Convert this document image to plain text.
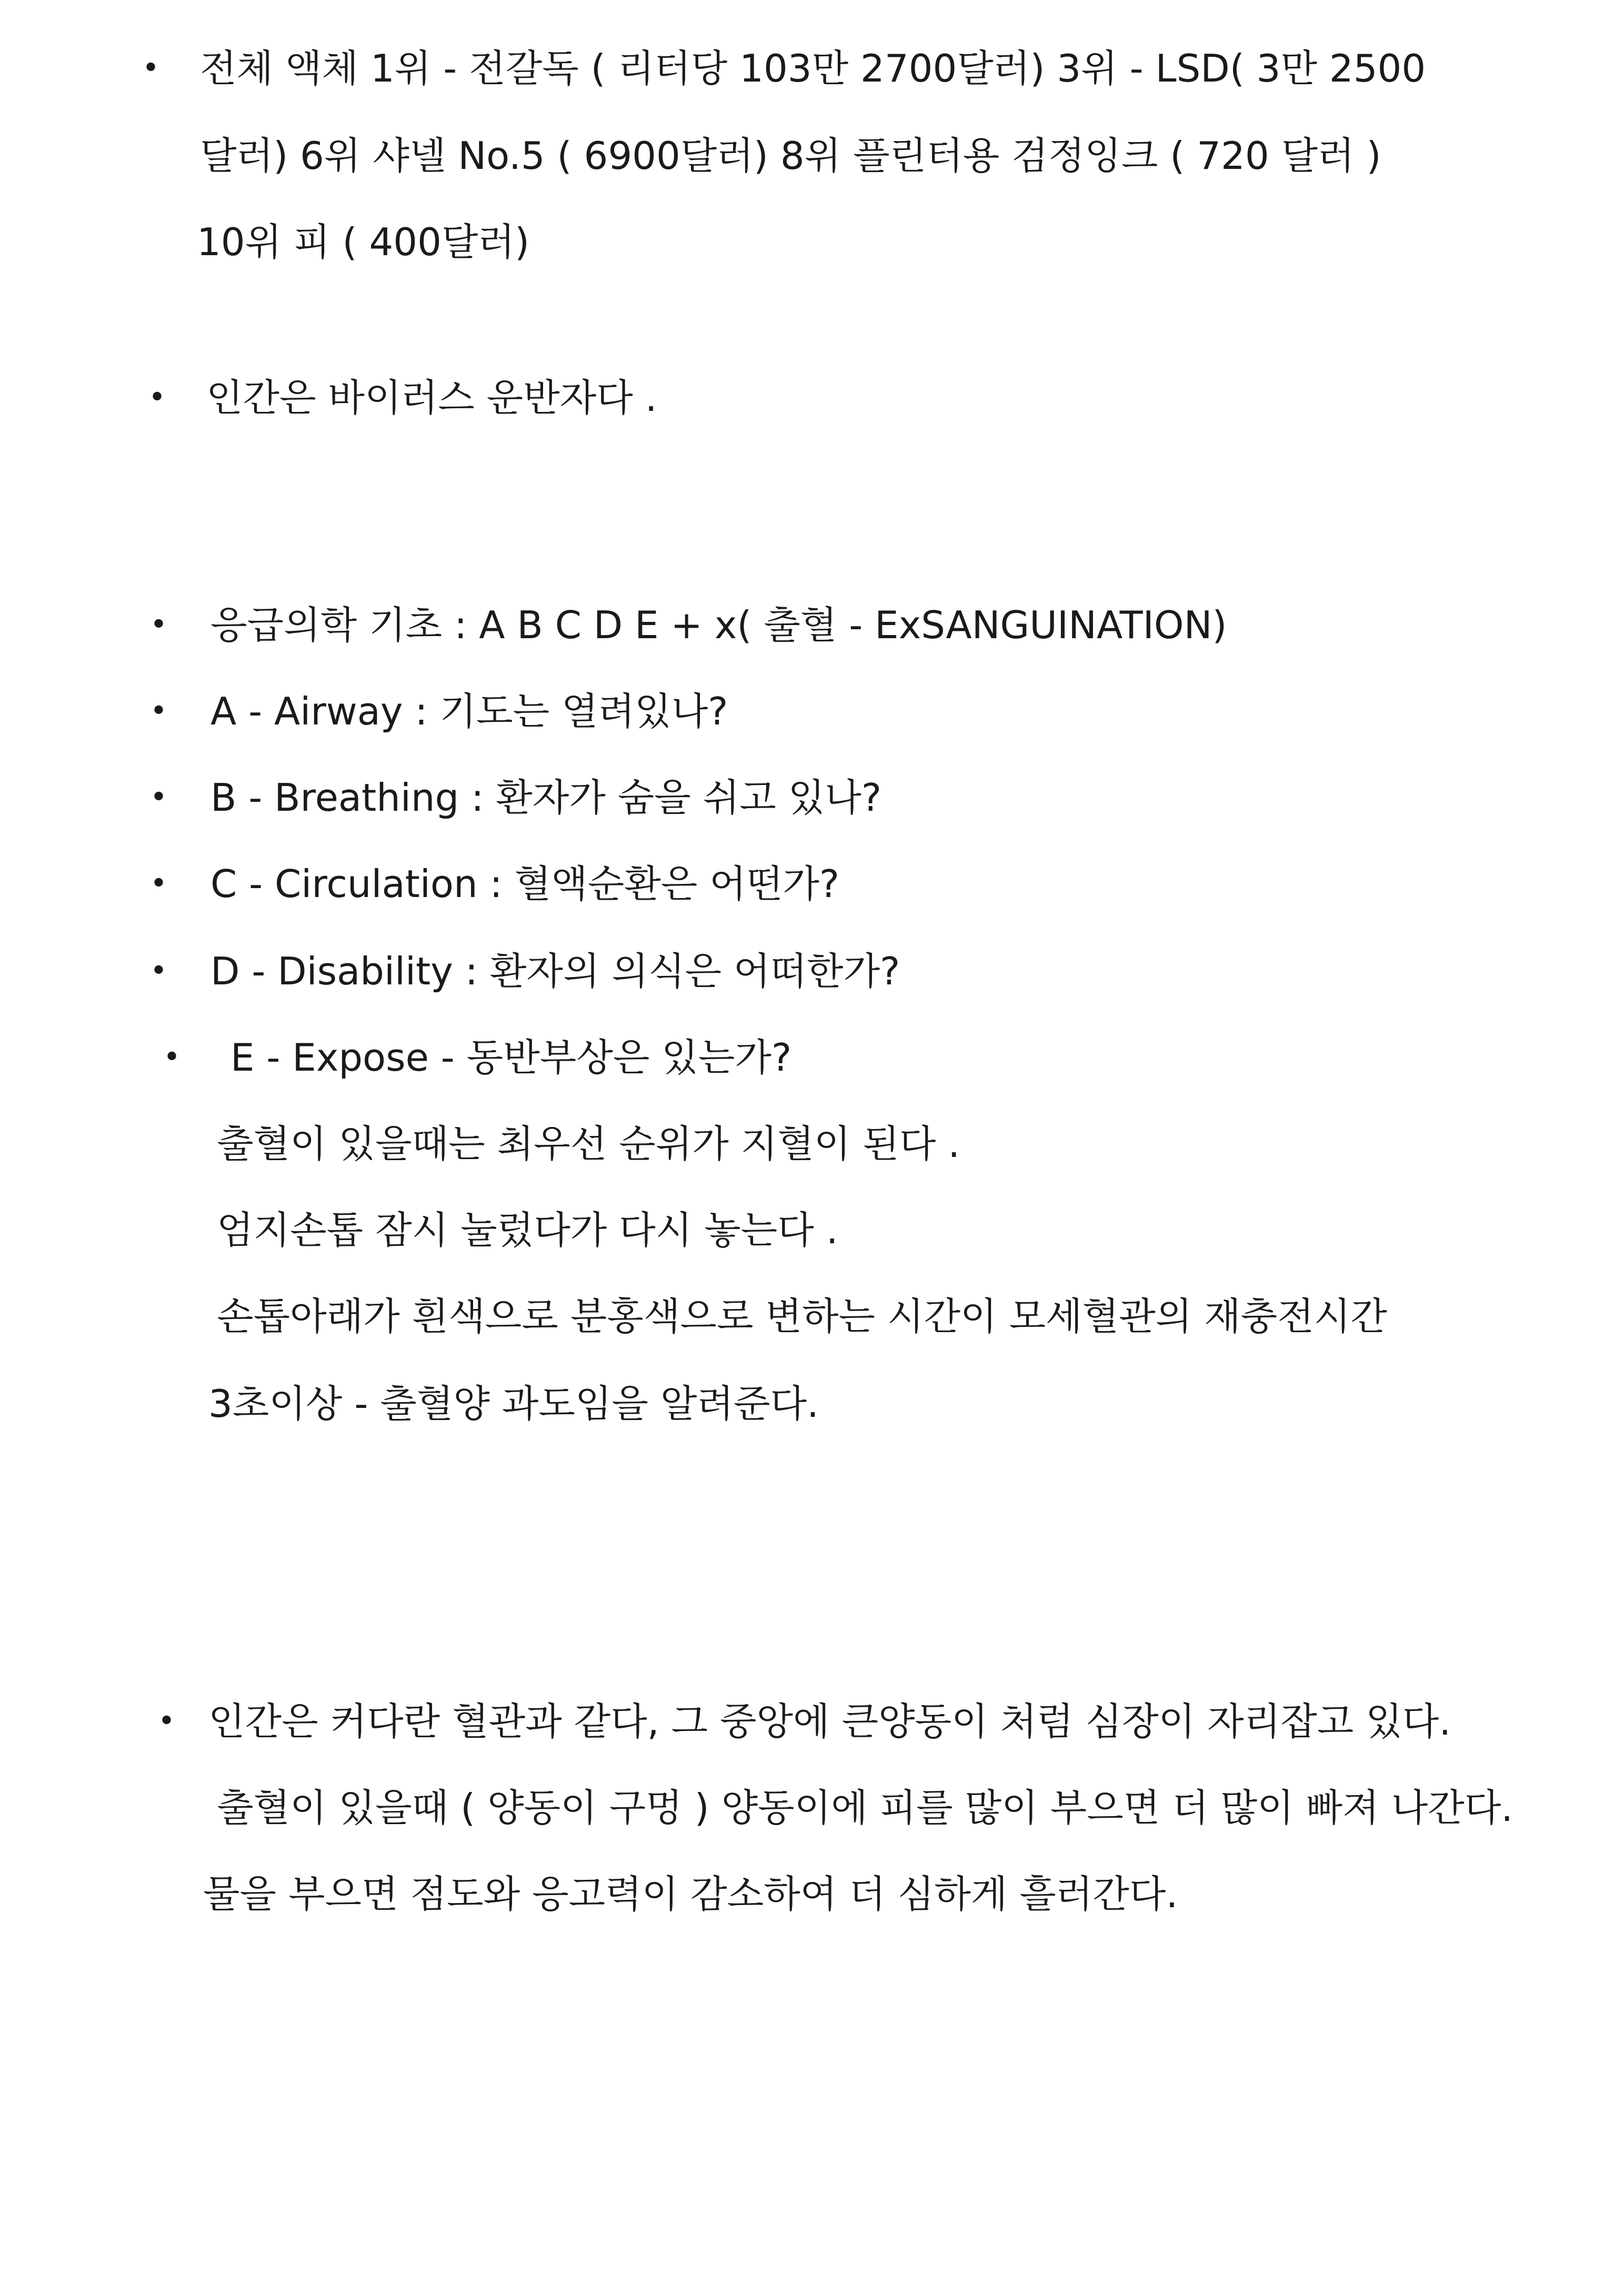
• 전체 액체 1위 - 전갈독 ( 리터당 103만 2700달러) 3위 - LSD( 3만 2500
달러) 6위 샤넬 No.5 ( 6900달러) 8위 플린터용 검정잉크 ( 720 달러 )
10위 피 ( 400달러)
• 인간은 바이러스 운반자다 .
• 응급의학 기초 : A B C D E + x( 출혈 - ExSANGUINATION)
• A - Airway : 기도는 열려있나?
• B - Breathing : 환자가 숨을 쉬고 있나?
• C - Circulation : 혈액순환은 어떤가?
• D - Disability : 환자의 의식은 어떠한가?
• E - Expose - 동반부상은 있는가?
출혈이 있을때는 최우선 순위가 지혈이 된다 .
엄지손톱 잠시 눌렀다가 다시 놓는다 .
손톱아래가 흰색으로 분홍색으로 변하는 시간이 모세혈관의 재충전시간
3초이상 - 출혈양 과도임을 알려준다.
• 인간은 커다란 혈관과 같다, 그 중앙에 큰양동이 처럼 심장이 자리잡고 있다.
출혈이 있을때 ( 양동이 구멍 ) 양동이에 피를 많이 부으면 더 많이 빠져 나간다.
물을 부으면 점도와 응고력이 감소하여 더 심하게 흘러간다.
